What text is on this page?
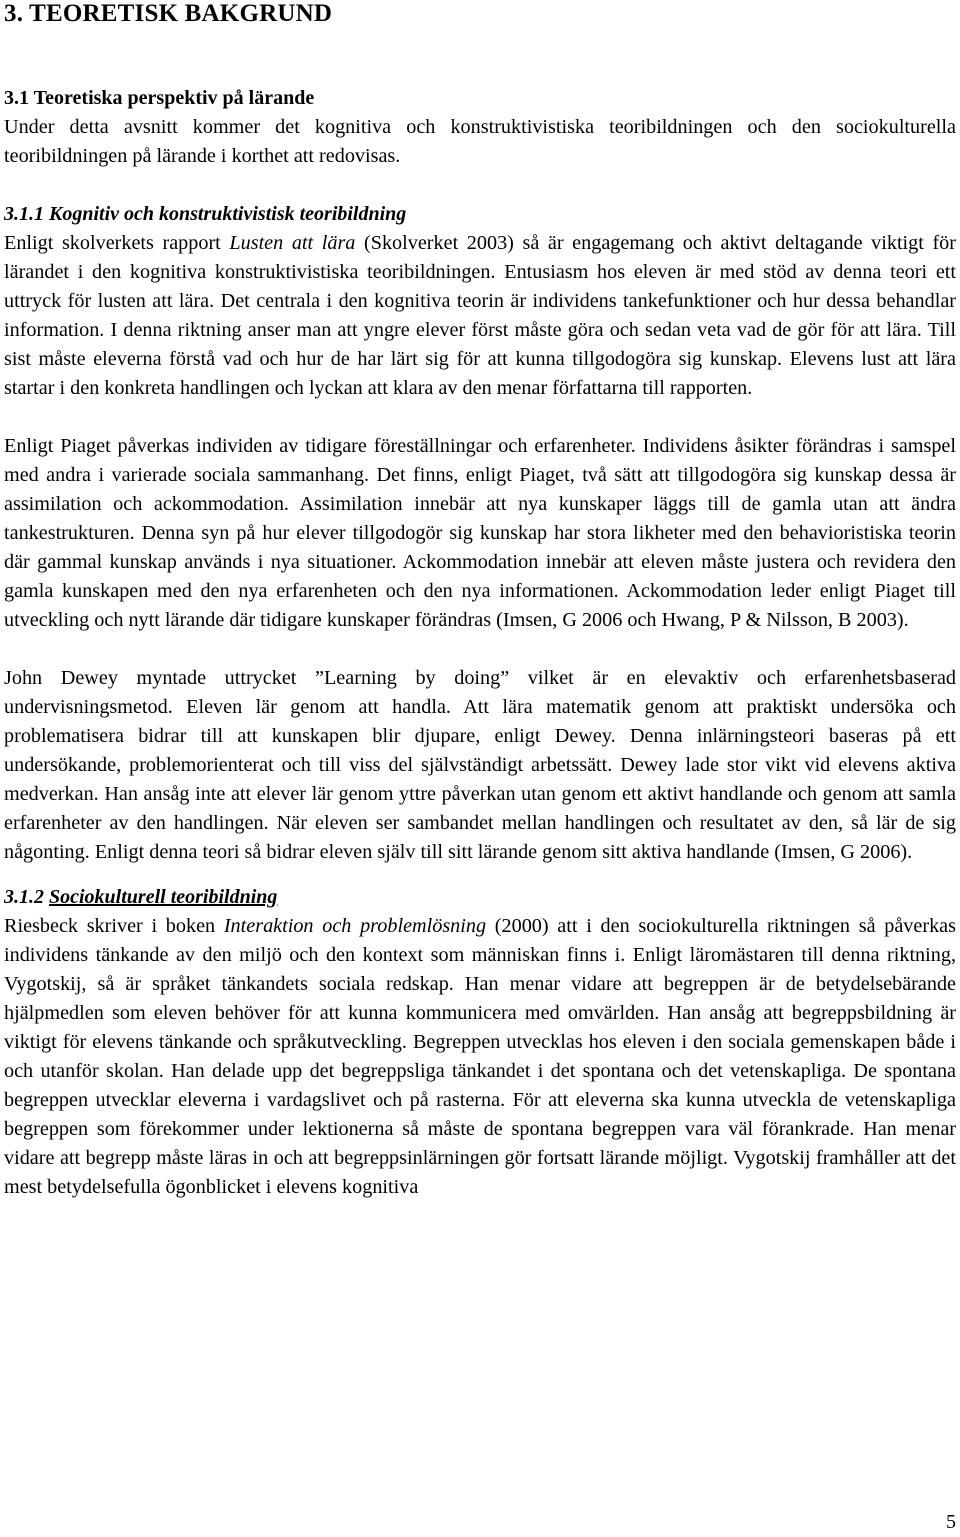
3. TEORETISK BAKGRUND
3.1 Teoretiska perspektiv på lärande

Under detta avsnitt kommer det kognitiva och konstruktivistiska teoribildningen och den sociokulturella teoribildningen på lärande i korthet att redovisas.

3.1.1 Kognitiv och konstruktivistisk teoribildning

Enligt skolverkets rapport Lusten att lära (Skolverket 2003) så är engagemang och aktivt deltagande viktigt för lärandet i den kognitiva konstruktivistiska teoribildningen. Entusiasm hos eleven är med stöd av denna teori ett uttryck för lusten att lära. Det centrala i den kognitiva teorin är individens tankefunktioner och hur dessa behandlar information. I denna riktning anser man att yngre elever först måste göra och sedan veta vad de gör för att lära. Till sist måste eleverna förstå vad och hur de har lärt sig för att kunna tillgodogöra sig kunskap. Elevens lust att lära startar i den konkreta handlingen och lyckan att klara av den menar författarna till rapporten.

Enligt Piaget påverkas individen av tidigare föreställningar och erfarenheter. Individens åsikter förändras i samspel med andra i varierade sociala sammanhang. Det finns, enligt Piaget, två sätt att tillgodogöra sig kunskap dessa är assimilation och ackommodation. Assimilation innebär att nya kunskaper läggs till de gamla utan att ändra tankestrukturen. Denna syn på hur elever tillgodogör sig kunskap har stora likheter med den behavioristiska teorin där gammal kunskap används i nya situationer. Ackommodation innebär att eleven måste justera och revidera den gamla kunskapen med den nya erfarenheten och den nya informationen. Ackommodation leder enligt Piaget till utveckling och nytt lärande där tidigare kunskaper förändras (Imsen, G 2006 och Hwang, P & Nilsson, B 2003).

John Dewey myntade uttrycket ”Learning by doing” vilket är en elevaktiv och erfarenhetsbaserad undervisningsmetod. Eleven lär genom att handla. Att lära matematik genom att praktiskt undersöka och problematisera bidrar till att kunskapen blir djupare, enligt Dewey. Denna inlärningsteori baseras på ett undersökande, problemorienterat och till viss del självständigt arbetssätt. Dewey lade stor vikt vid elevens aktiva medverkan. Han ansåg inte att elever lär genom yttre påverkan utan genom ett aktivt handlande och genom att samla erfarenheter av den handlingen. När eleven ser sambandet mellan handlingen och resultatet av den, så lär de sig någonting. Enligt denna teori så bidrar eleven själv till sitt lärande genom sitt aktiva handlande (Imsen, G 2006).

3.1.2 Sociokulturell teoribildning

Riesbeck skriver i boken Interaktion och problemlösning (2000) att i den sociokulturella riktningen så påverkas individens tänkande av den miljö och den kontext som människan finns i. Enligt läromästaren till denna riktning, Vygotskij, så är språket tänkandets sociala redskap. Han menar vidare att begreppen är de betydelsebärande hjälpmedlen som eleven behöver för att kunna kommunicera med omvärlden. Han ansåg att begreppsbildning är viktigt för elevens tänkande och språkutveckling. Begreppen utvecklas hos eleven i den sociala gemenskapen både i och utanför skolan. Han delade upp det begreppsliga tänkandet i det spontana och det vetenskapliga. De spontana begreppen utvecklar eleverna i vardagslivet och på rasterna. För att eleverna ska kunna utveckla de vetenskapliga begreppen som förekommer under lektionerna så måste de spontana begreppen vara väl förankrade. Han menar vidare att begrepp måste läras in och att begreppsinlärningen gör fortsatt lärande möjligt. Vygotskij framhåller att det mest betydelsefulla ögonblicket i elevens kognitiva

5
